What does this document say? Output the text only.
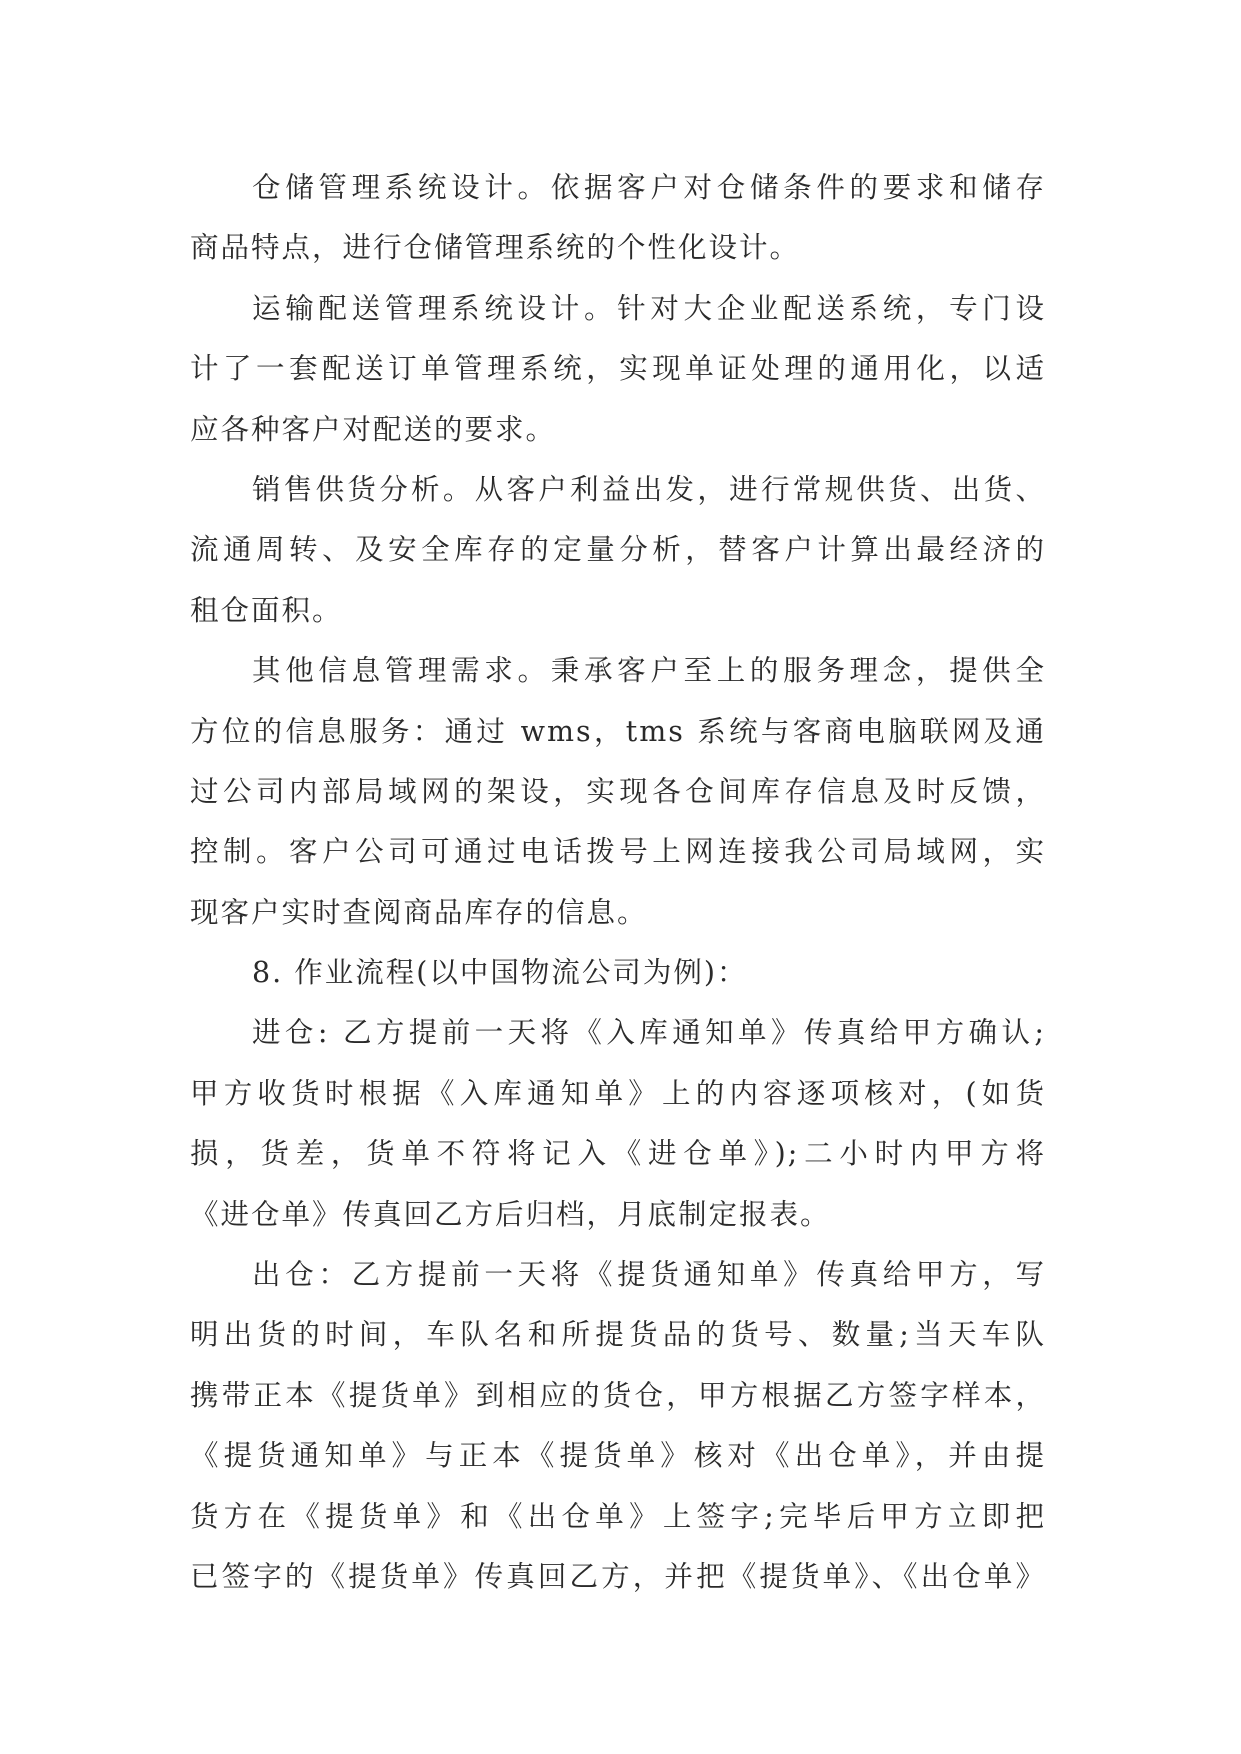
仓储管理系统设计。依据客户对仓储条件的要求和储存
商品特点，进行仓储管理系统的个性化设计。
运输配送管理系统设计。针对大企业配送系统，专门设
计了一套配送订单管理系统，实现单证处理的通用化，以适
应各种客户对配送的要求。
销售供货分析。从客户利益出发，进行常规供货、出货、
流通周转、及安全库存的定量分析，替客户计算出最经济的
租仓面积。
其他信息管理需求。秉承客户至上的服务理念，提供全
方位的信息服务：通过 wms，tms 系统与客商电脑联网及通
过公司内部局域网的架设，实现各仓间库存信息及时反馈，
控制。客户公司可通过电话拨号上网连接我公司局域网，实
现客户实时查阅商品库存的信息。
8. 作业流程(以中国物流公司为例)：
进仓: 乙方提前一天将《入库通知单》传真给甲方确认;
甲方收货时根据《入库通知单》上的内容逐项核对，(如货
损，货差，货单不符将记入《进仓单》);二小时内甲方将
《进仓单》传真回乙方后归档，月底制定报表。
出仓：乙方提前一天将《提货通知单》传真给甲方，写
明出货的时间，车队名和所提货品的货号、数量;当天车队
携带正本《提货单》到相应的货仓，甲方根据乙方签字样本，
《提货通知单》与正本《提货单》核对《出仓单》，并由提
货方在《提货单》和《出仓单》上签字;完毕后甲方立即把
已签字的《提货单》传真回乙方，并把《提货单》、《出仓单》
